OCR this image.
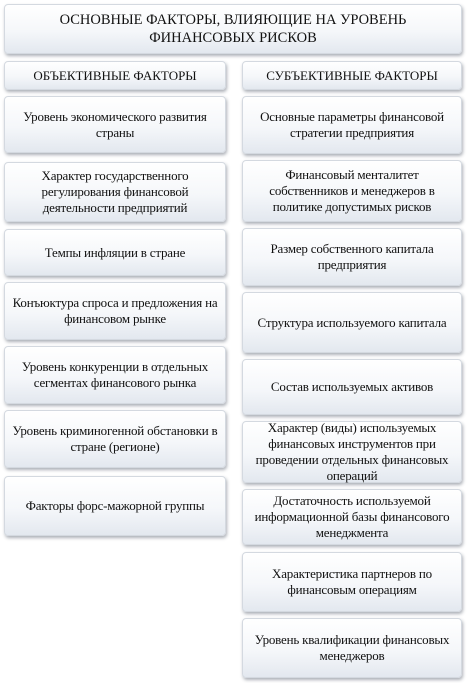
ОСНОВНЫЕ ФАКТОРЫ, ВЛИЯЮЩИЕ НА УРОВЕНЬ ФИНАНСОВЫХ РИСКОВ
ОБЪЕКТИВНЫЕ ФАКТОРЫ	СУБЪЕКТИВНЫЕ ФАКТОРЫ
Уровень экономического развития страны
Характер государственного регулирования финансовой деятельности предприятий
Темпы инфляции в стране
Конъюктура спроса и предложения на финансовом рынке
Уровень конкуренции в отдельных сегментах финансового рынка
Уровень криминогенной обстановки в стране (регионе)
Факторы форс-мажорной группы
Основные параметры финансовой стратегии предприятия
Финансовый менталитет собственников и менеджеров в политике допустимых рисков
Размер собственного капитала предприятия
Структура используемого капитала
Состав используемых активов
Характер (виды) используемых финансовых инструментов при проведении отдельных финансовых операций
Достаточность используемой информационной базы финансового менеджмента
Характеристика партнеров по финансовым операциям
Уровень квалификации финансовых менеджеров
